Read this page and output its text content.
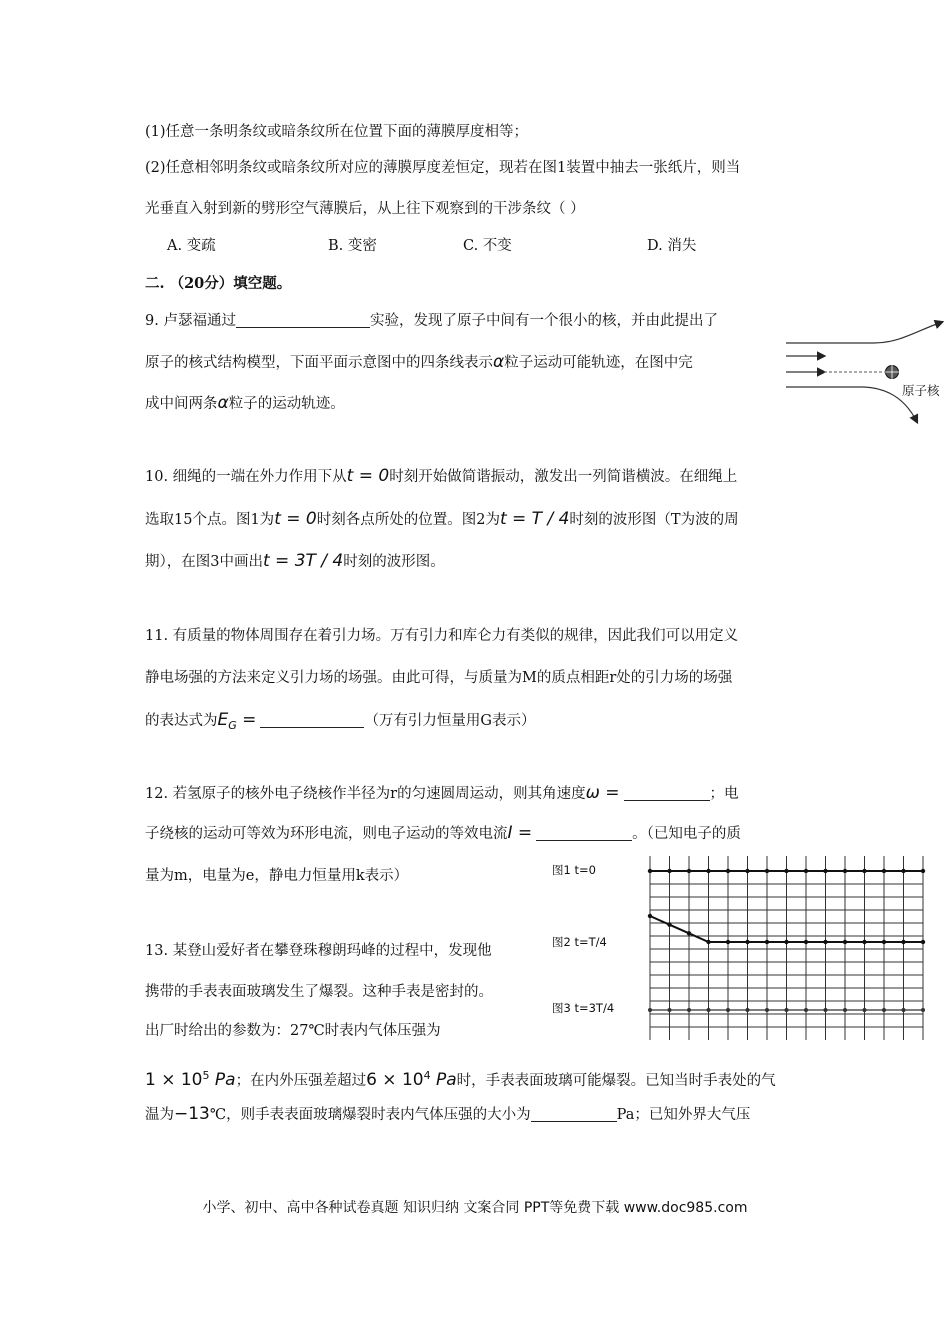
(1)任意一条明条纹或暗条纹所在位置下面的薄膜厚度相等；
(2)任意相邻明条纹或暗条纹所对应的薄膜厚度差恒定，现若在图1装置中抽去一张纸片，则当
光垂直入射到新的劈形空气薄膜后，从上往下观察到的干涉条纹（ ）
A. 变疏	B. 变密	C. 不变	D. 消失
二. （20分）填空题。
9. 卢瑟福通过	实验，发现了原子中间有一个很小的核，并由此提出了
原子的核式结构模型，下面平面示意图中的四条线表示α粒子运动可能轨迹，在图中完
成中间两条α粒子的运动轨迹。
原子核
10. 细绳的一端在外力作用下从t = 0时刻开始做简谐振动，激发出一列简谐横波。在细绳上
选取15个点。图1为t = 0时刻各点所处的位置。图2为t = T / 4时刻的波形图（T为波的周
期），在图3中画出t = 3T / 4时刻的波形图。
11. 有质量的物体周围存在着引力场。万有引力和库仑力有类似的规律，因此我们可以用定义
静电场强的方法来定义引力场的场强。由此可得，与质量为M的质点相距r处的引力场的场强
的表达式为$E_G$ =	（万有引力恒量用G表示）
12. 若氢原子的核外电子绕核作半径为r的匀速圆周运动，则其角速度ω =	；电
子绕核的运动可等效为环形电流，则电子运动的等效电流I =	。（已知电子的质
量为m，电量为e，静电力恒量用k表示）
13. 某登山爱好者在攀登珠穆朗玛峰的过程中，发现他
携带的手表表面玻璃发生了爆裂。这种手表是密封的。
出厂时给出的参数为：27℃时表内气体压强为
$1 \times 10^5$ Pa；在内外压强差超过$6 \times 10^4$ Pa时，手表表面玻璃可能爆裂。已知当时手表处的气
温为−13℃，则手表表面玻璃爆裂时表内气体压强的大小为	Pa；已知外界大气压
图1 t=0
图2 t=T/4
图3 t=3T/4
小学、初中、高中各种试卷真题 知识归纳 文案合同 PPT等免费下载 www.doc985.com
